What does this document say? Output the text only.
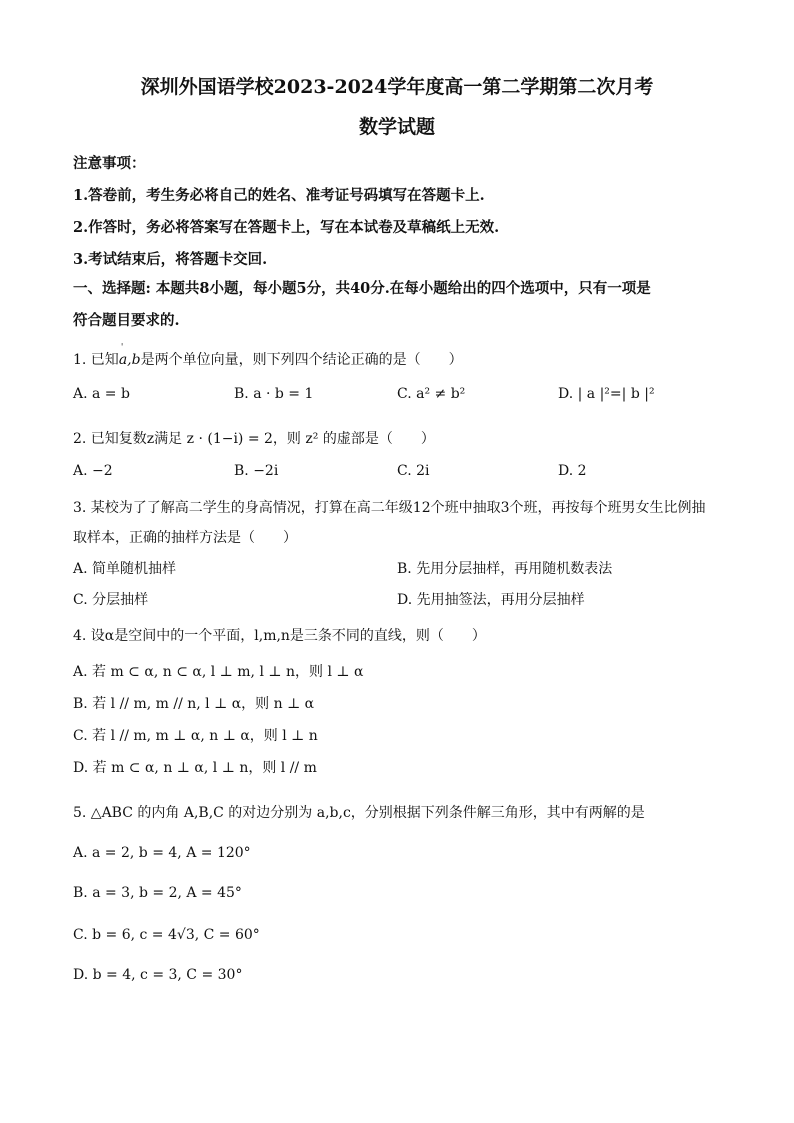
深圳外国语学校2023-2024学年度高一第二学期第二次月考
数学试题
注意事项：
1.答卷前，考生务必将自己的姓名、准考证号码填写在答题卡上.
2.作答时，务必将答案写在答题卡上，写在本试卷及草稿纸上无效.
3.考试结束后，将答题卡交回.
一、选择题: 本题共8小题，每小题5分，共40分.在每小题给出的四个选项中，只有一项是
符合题目要求的.
1. 已知' a,b是两个单位向量，则下列四个结论正确的是（　　）
A. a = b	B. a · b = 1	C. a² ≠ b²	D. | a |²=| b |²
2. 已知复数z满足 z · (1−i) = 2，则 z² 的虚部是（　　）
A. −2	B. −2i	C. 2i	D. 2
3. 某校为了了解高二学生的身高情况，打算在高二年级12个班中抽取3个班，再按每个班男女生比例抽
取样本，正确的抽样方法是（　　）
A. 简单随机抽样	B. 先用分层抽样，再用随机数表法
C. 分层抽样	D. 先用抽签法，再用分层抽样
4. 设α是空间中的一个平面，l,m,n是三条不同的直线，则（　　）
A. 若 m ⊂ α, n ⊂ α, l ⊥ m, l ⊥ n，则 l ⊥ α
B. 若 l // m, m // n, l ⊥ α，则 n ⊥ α
C. 若 l // m, m ⊥ α, n ⊥ α，则 l ⊥ n
D. 若 m ⊂ α, n ⊥ α, l ⊥ n，则 l // m
5. △ABC 的内角 A,B,C 的对边分别为 a,b,c，分别根据下列条件解三角形，其中有两解的是
A. a = 2, b = 4, A = 120°
B. a = 3, b = 2, A = 45°
C. b = 6, c = 4√3, C = 60°
D. b = 4, c = 3, C = 30°
